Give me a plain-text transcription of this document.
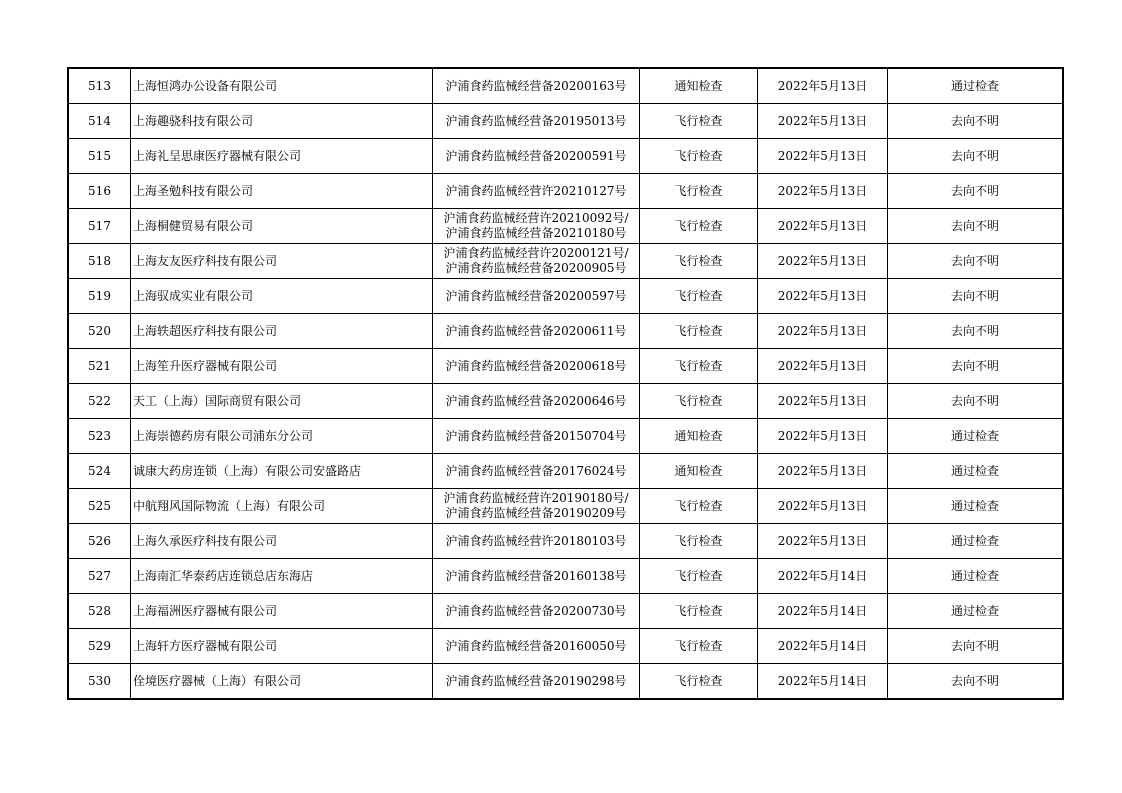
513	上海恒鸿办公设备有限公司	沪浦食药监械经营备20200163号	通知检查	2022年5月13日	通过检查
514	上海趣骁科技有限公司	沪浦食药监械经营备20195013号	飞行检查	2022年5月13日	去向不明
515	上海礼呈思康医疗器械有限公司	沪浦食药监械经营备20200591号	飞行检查	2022年5月13日	去向不明
516	上海圣勉科技有限公司	沪浦食药监械经营许20210127号	飞行检查	2022年5月13日	去向不明
517	上海桐健贸易有限公司	沪浦食药监械经营许20210092号/
沪浦食药监械经营备20210180号	飞行检查	2022年5月13日	去向不明
518	上海友友医疗科技有限公司	沪浦食药监械经营许20200121号/
沪浦食药监械经营备20200905号	飞行检查	2022年5月13日	去向不明
519	上海驭成实业有限公司	沪浦食药监械经营备20200597号	飞行检查	2022年5月13日	去向不明
520	上海轶超医疗科技有限公司	沪浦食药监械经营备20200611号	飞行检查	2022年5月13日	去向不明
521	上海笙升医疗器械有限公司	沪浦食药监械经营备20200618号	飞行检查	2022年5月13日	去向不明
522	天工（上海）国际商贸有限公司	沪浦食药监械经营备20200646号	飞行检查	2022年5月13日	去向不明
523	上海崇德药房有限公司浦东分公司	沪浦食药监械经营备20150704号	通知检查	2022年5月13日	通过检查
524	诚康大药房连锁（上海）有限公司安盛路店	沪浦食药监械经营备20176024号	通知检查	2022年5月13日	通过检查
525	中航翔风国际物流（上海）有限公司	沪浦食药监械经营许20190180号/
沪浦食药监械经营备20190209号	飞行检查	2022年5月13日	通过检查
526	上海久承医疗科技有限公司	沪浦食药监械经营许20180103号	飞行检查	2022年5月13日	通过检查
527	上海南汇华泰药店连锁总店东海店	沪浦食药监械经营备20160138号	飞行检查	2022年5月14日	通过检查
528	上海福洲医疗器械有限公司	沪浦食药监械经营备20200730号	飞行检查	2022年5月14日	通过检查
529	上海轩方医疗器械有限公司	沪浦食药监械经营备20160050号	飞行检查	2022年5月14日	去向不明
530	佺境医疗器械（上海）有限公司	沪浦食药监械经营备20190298号	飞行检查	2022年5月14日	去向不明
